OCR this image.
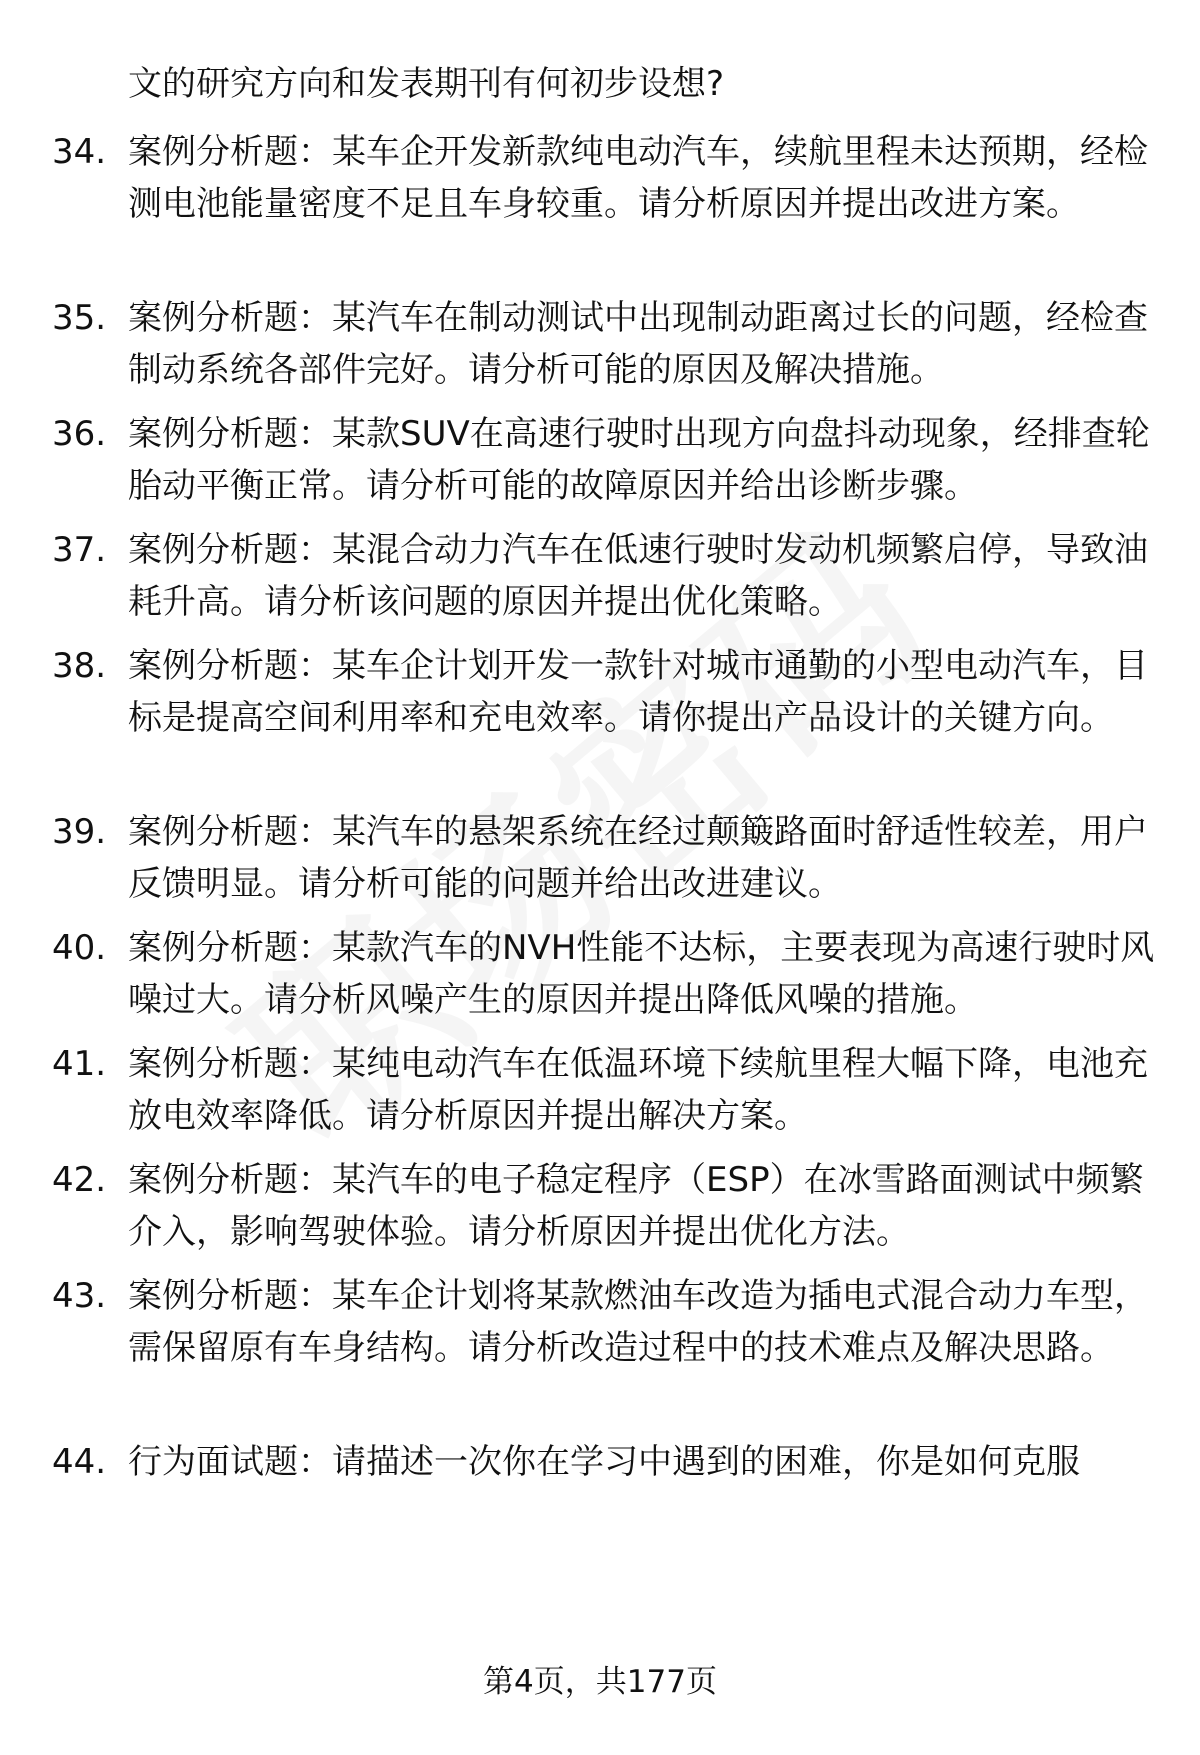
文的研究方向和发表期刊有何初步设想?
34. 案例分析题：某车企开发新款纯电动汽车，续航里程未达预期，经检测电池能量密度不足且车身较重。请分析原因并提出改进方案。
35. 案例分析题：某汽车在制动测试中出现制动距离过长的问题，经检查制动系统各部件完好。请分析可能的原因及解决措施。
36. 案例分析题：某款SUV在高速行驶时出现方向盘抖动现象，经排查轮胎动平衡正常。请分析可能的故障原因并给出诊断步骤。
37. 案例分析题：某混合动力汽车在低速行驶时发动机频繁启停，导致油耗升高。请分析该问题的原因并提出优化策略。
38. 案例分析题：某车企计划开发一款针对城市通勤的小型电动汽车，目标是提高空间利用率和充电效率。请你提出产品设计的关键方向。
39. 案例分析题：某汽车的悬架系统在经过颠簸路面时舒适性较差，用户反馈明显。请分析可能的问题并给出改进建议。
40. 案例分析题：某款汽车的NVH性能不达标，主要表现为高速行驶时风噪过大。请分析风噪产生的原因并提出降低风噪的措施。
41. 案例分析题：某纯电动汽车在低温环境下续航里程大幅下降，电池充放电效率降低。请分析原因并提出解决方案。
42. 案例分析题：某汽车的电子稳定程序（ESP）在冰雪路面测试中频繁介入，影响驾驶体验。请分析原因并提出优化方法。
43. 案例分析题：某车企计划将某款燃油车改造为插电式混合动力车型，需保留原有车身结构。请分析改造过程中的技术难点及解决思路。
44. 行为面试题：请描述一次你在学习中遇到的困难，你是如何克服
第4页，共177页
